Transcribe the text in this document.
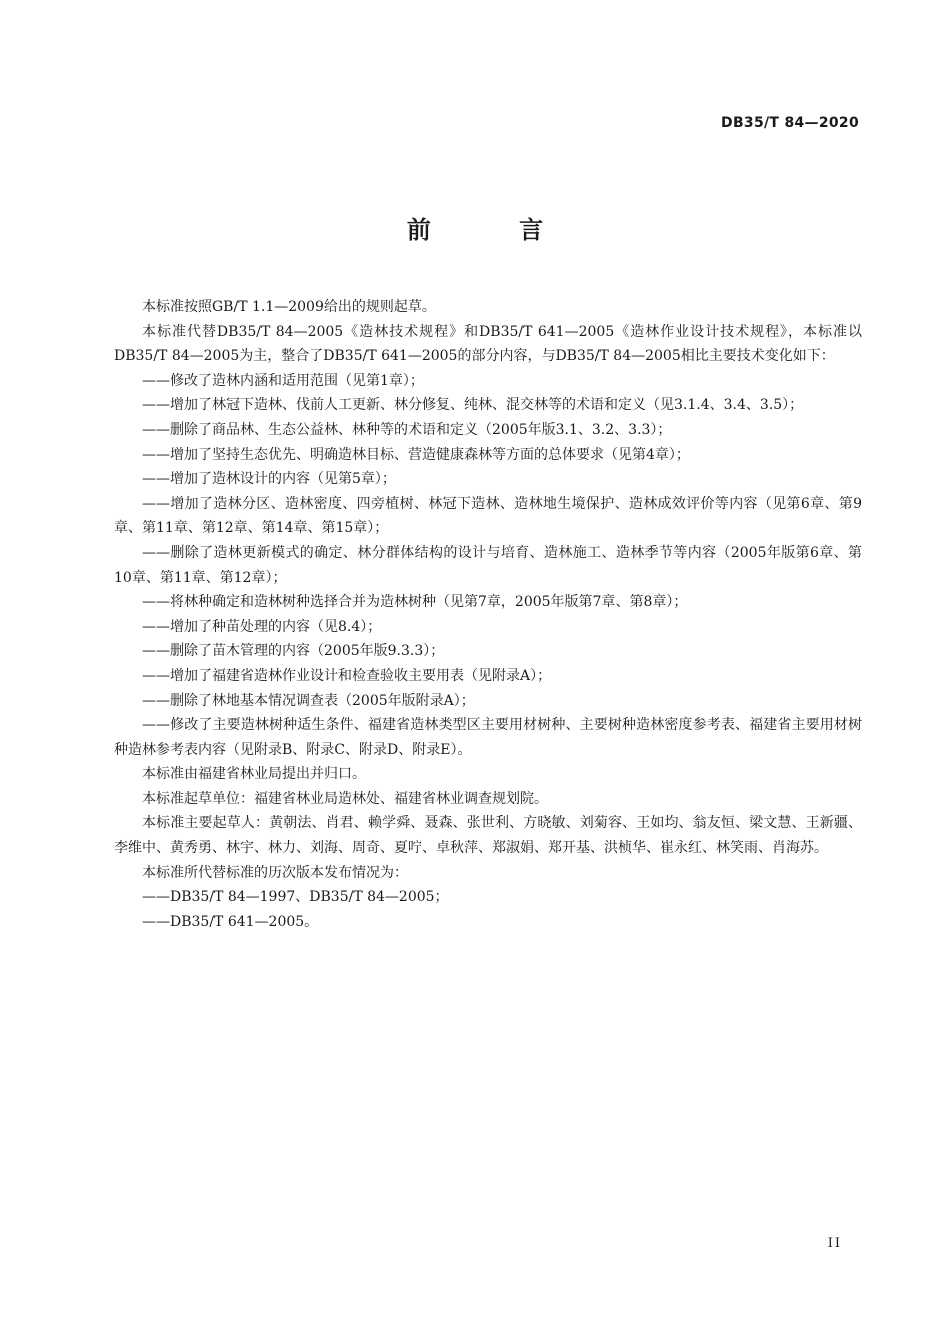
DB35/T 84—2020
前 言

本标准按照GB/T 1.1—2009给出的规则起草。

本标准代替DB35/T 84—2005《造林技术规程》和DB35/T 641—2005《造林作业设计技术规程》，本标准以DB35/T 84—2005为主，整合了DB35/T 641—2005的部分内容，与DB35/T 84—2005相比主要技术变化如下：

——修改了造林内涵和适用范围（见第1章）；

——增加了林冠下造林、伐前人工更新、林分修复、纯林、混交林等的术语和定义（见3.1.4、3.4、3.5）；

——删除了商品林、生态公益林、林种等的术语和定义（2005年版3.1、3.2、3.3）；

——增加了坚持生态优先、明确造林目标、营造健康森林等方面的总体要求（见第4章）；

——增加了造林设计的内容（见第5章）；

——增加了造林分区、造林密度、四旁植树、林冠下造林、造林地生境保护、造林成效评价等内容（见第6章、第9章、第11章、第12章、第14章、第15章）；

——删除了造林更新模式的确定、林分群体结构的设计与培育、造林施工、造林季节等内容（2005年版第6章、第10章、第11章、第12章）；

——将林种确定和造林树种选择合并为造林树种（见第7章，2005年版第7章、第8章）；

——增加了种苗处理的内容（见8.4）；

——删除了苗木管理的内容（2005年版9.3.3）；

——增加了福建省造林作业设计和检查验收主要用表（见附录A）；

——删除了林地基本情况调查表（2005年版附录A）；

——修改了主要造林树种适生条件、福建省造林类型区主要用材树种、主要树种造林密度参考表、福建省主要用材树种造林参考表内容（见附录B、附录C、附录D、附录E）。

本标准由福建省林业局提出并归口。

本标准起草单位：福建省林业局造林处、福建省林业调查规划院。

本标准主要起草人：黄朝法、肖君、赖学舜、聂森、张世利、方晓敏、刘菊容、王如均、翁友恒、梁文慧、王新疆、李维中、黄秀勇、林宇、林力、刘海、周奇、夏咛、卓秋萍、郑淑娟、郑开基、洪桢华、崔永红、林笑雨、肖海苏。

本标准所代替标准的历次版本发布情况为：

——DB35/T 84—1997、DB35/T 84—2005；

——DB35/T 641—2005。

II
